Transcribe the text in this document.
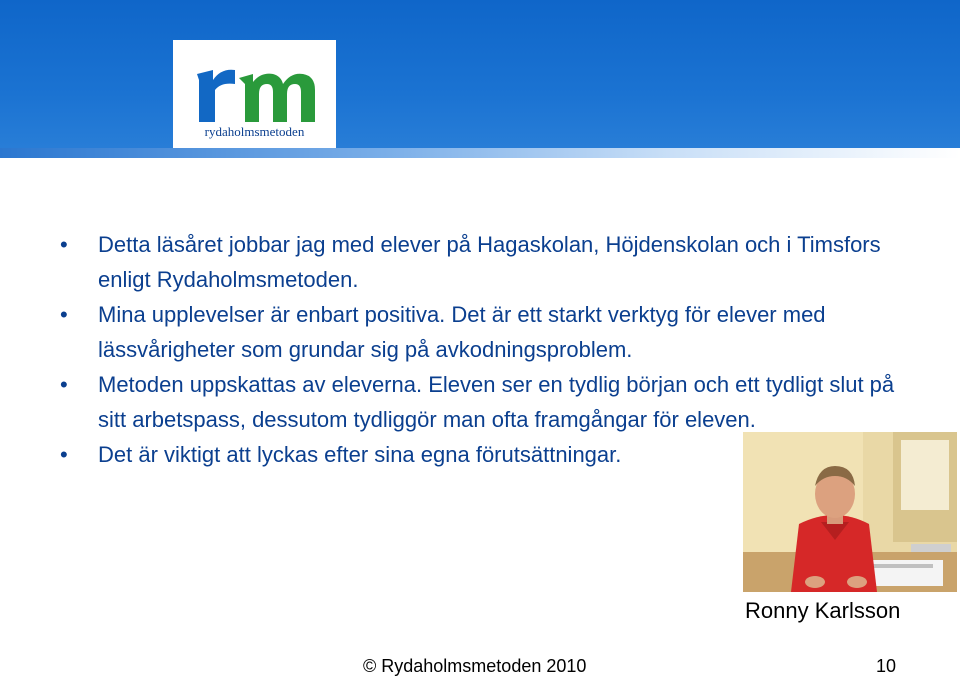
rydaholmsmetoden
• Detta läsåret jobbar jag med elever på Hagaskolan, Höjdenskolan och i Timsfors enligt Rydaholmsmetoden.
• Mina upplevelser är enbart positiva. Det är ett starkt verktyg för elever med lässvårigheter som grundar sig på avkodningsproblem.
• Metoden uppskattas av eleverna. Eleven ser en tydlig början och ett tydligt slut på sitt arbetspass, dessutom tydliggör man ofta framgångar för eleven.
• Det är viktigt att lyckas efter sina egna förutsättningar.
Ronny Karlsson
© Rydaholmsmetoden 2010	10
